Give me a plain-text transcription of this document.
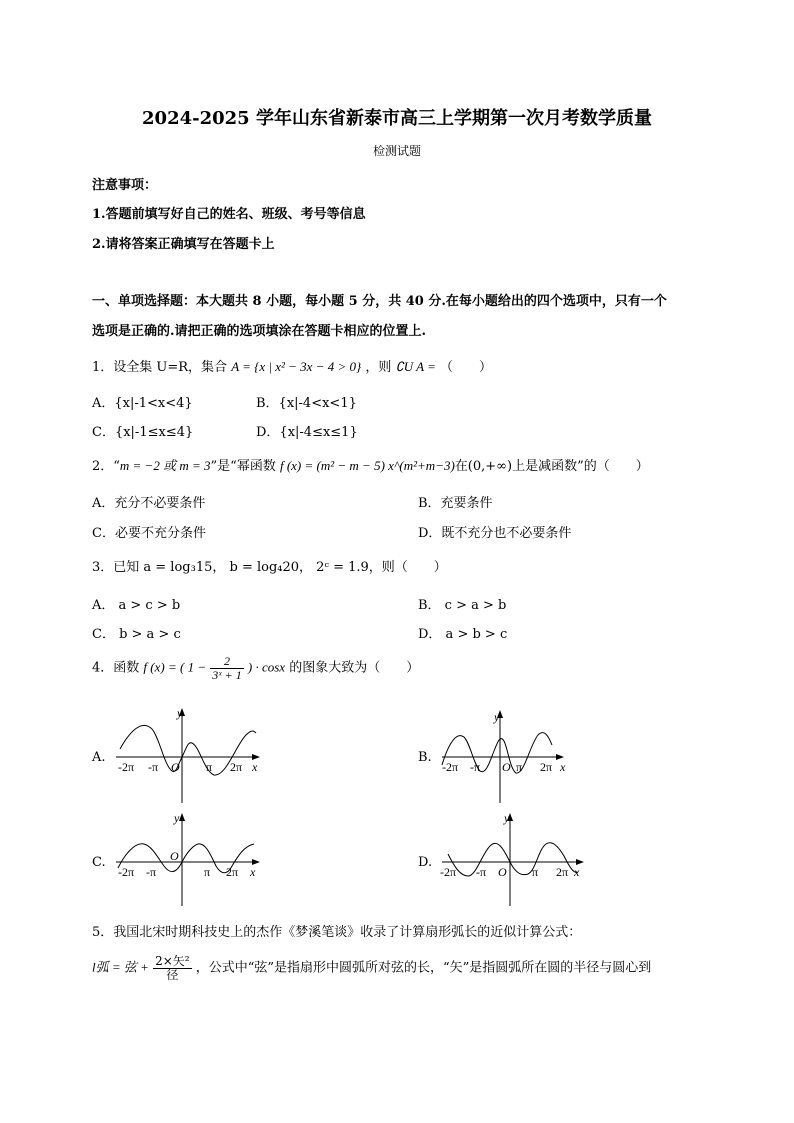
2024-2025 学年山东省新泰市高三上学期第一次月考数学质量
检测试题
注意事项：
1.答题前填写好自己的姓名、班级、考号等信息
2.请将答案正确填写在答题卡上
一、单项选择题：本大题共 8 小题，每小题 5 分，共 40 分.在每小题给出的四个选项中，只有一个
选项是正确的.请把正确的选项填涂在答题卡相应的位置上.
1．设全集 U=R，集合 A = {x | x² − 3x − 4 > 0} ，则 ∁U A = （　　）
A．{x|-1<x<4}	B．{x|-4<x<1}
C．{x|-1≤x≤4}	D．{x|-4≤x≤1}
2．“m = −2 或 m = 3”是“幂函数 f (x) = (m² − m − 5) x^(m²+m−3)在(0,+∞)上是减函数”的（　　）
A．充分不必要条件	B．充要条件
C．必要不充分条件	D．既不充分也不必要条件
3．已知 a = log₃15， b = log₄20， 2ᶜ = 1.9，则（　　）
A． a > c > b	B． c > a > b
C． b > a > c	D． a > b > c
4．函数 f (x) = ( $1 - \frac{2}{\text{3ˣ + 1}}$ ) · cosx 的图象大致为（　　）
A.	B.
C.	D.
y
x
O
-2π -π	π 2π
y
x
O
-2π -π	π 2π
y
x
O
-2π -π	π 2π
y
x
O
-2π -π	π 2π
5．我国北宋时期科技史上的杰作《梦溪笔谈》收录了计算扇形弧长的近似计算公式：
l弧 = 弦 + $\frac{\text{2×矢²}}{\text{径}}$ ，公式中“弦”是指扇形中圆弧所对弦的长，“矢”是指圆弧所在圆的半径与圆心到
